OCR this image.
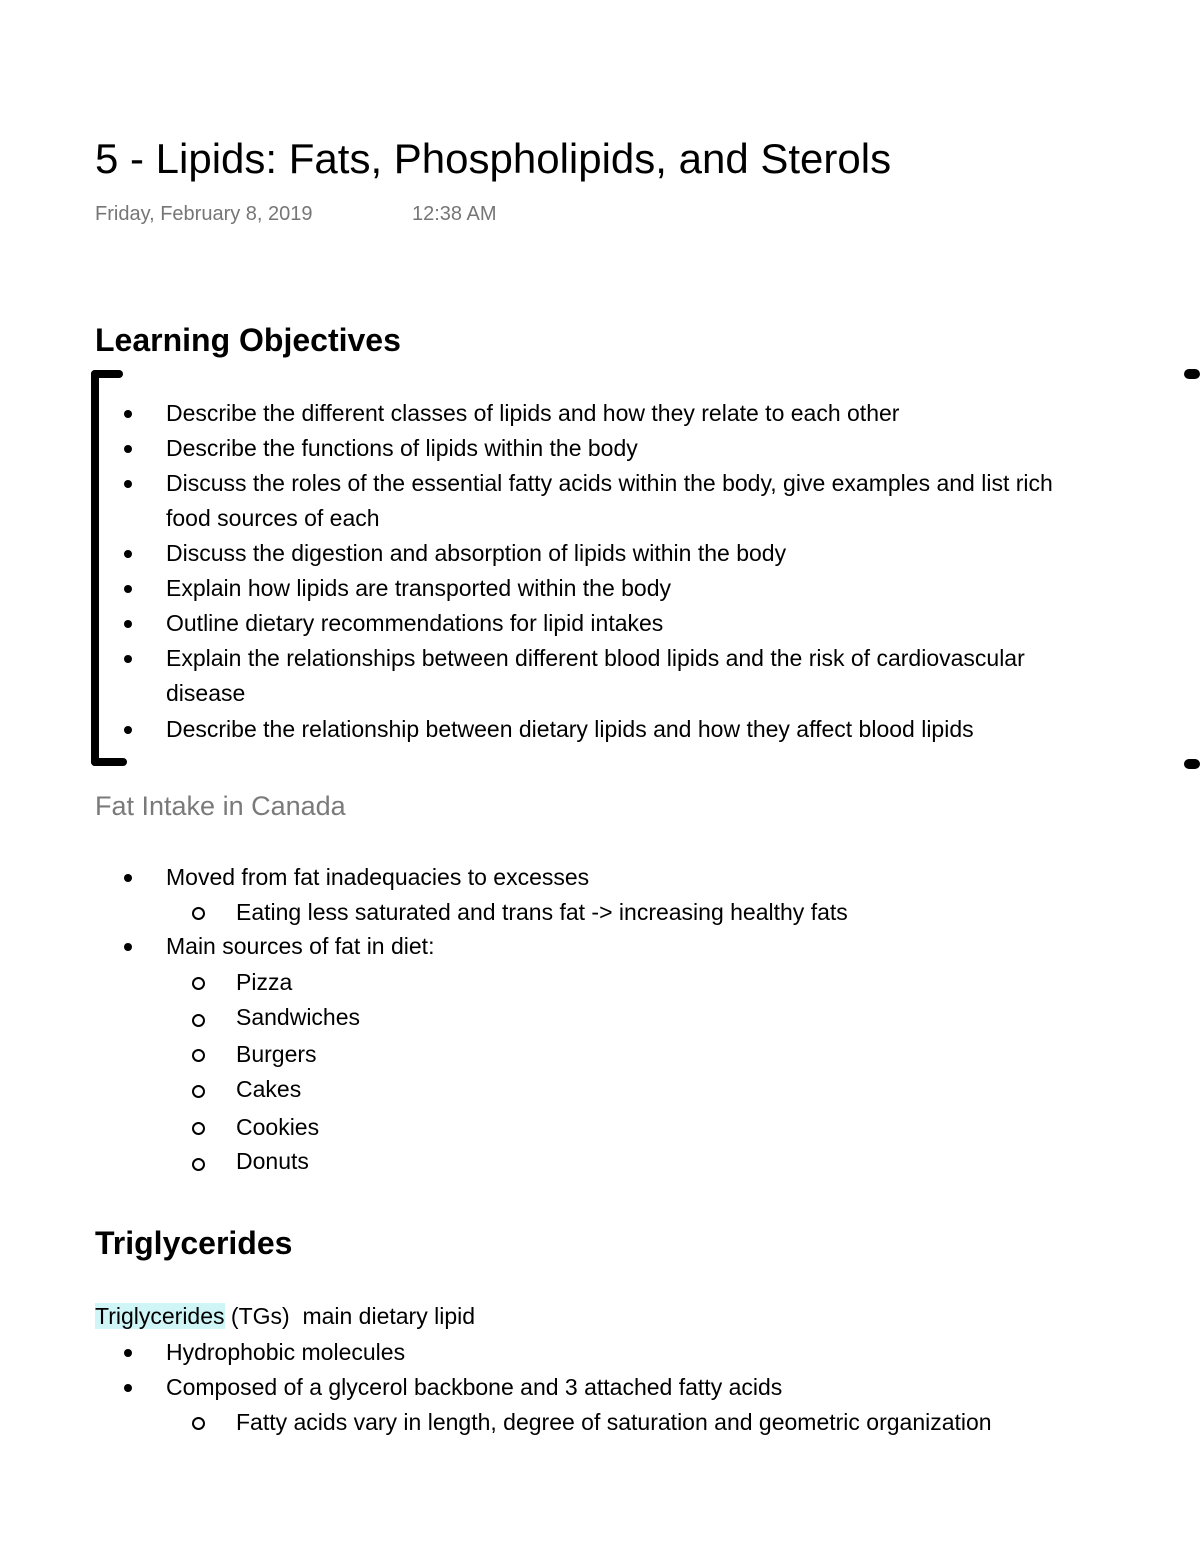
5 - Lipids: Fats, Phospholipids, and Sterols
Friday, February 8, 2019	12:38 AM
Learning Objectives
Describe the different classes of lipids and how they relate to each other
Describe the functions of lipids within the body
Discuss the roles of the essential fatty acids within the body, give examples and list rich
food sources of each
Discuss the digestion and absorption of lipids within the body
Explain how lipids are transported within the body
Outline dietary recommendations for lipid intakes
Explain the relationships between different blood lipids and the risk of cardiovascular
disease
Describe the relationship between dietary lipids and how they affect blood lipids
Fat Intake in Canada
Moved from fat inadequacies to excesses
Eating less saturated and trans fat -> increasing healthy fats
Main sources of fat in diet:
Pizza
Sandwiches
Burgers
Cakes
Cookies
Donuts
Triglycerides
Triglycerides (TGs)  main dietary lipid
Hydrophobic molecules
Composed of a glycerol backbone and 3 attached fatty acids
Fatty acids vary in length, degree of saturation and geometric organization
